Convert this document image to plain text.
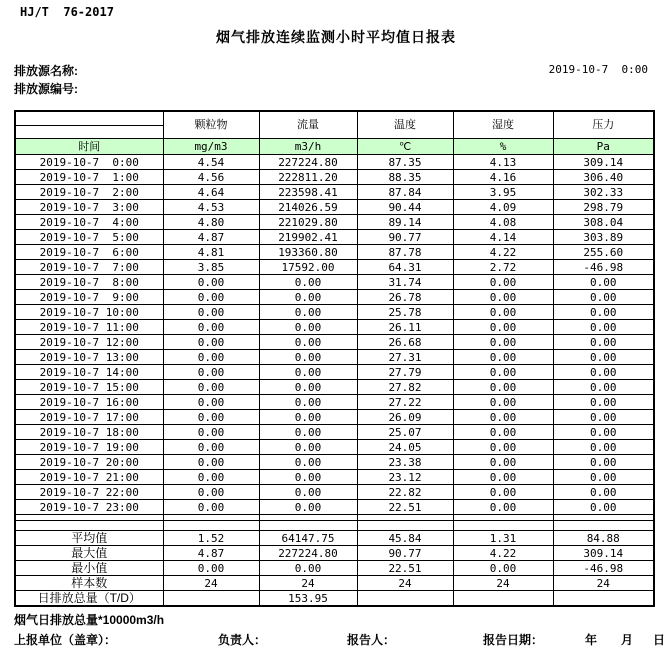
HJ/T  76-2017
烟气排放连续监测小时平均值日报表
排放源名称:
排放源编号:
2019-10-7  0:00
	颗粒物	流量	温度	湿度	压力

时间	mg/m3	m3/h	℃	%	Pa
2019-10-7  0:00	4.54	227224.80	87.35	4.13	309.14
2019-10-7  1:00	4.56	222811.20	88.35	4.16	306.40
2019-10-7  2:00	4.64	223598.41	87.84	3.95	302.33
2019-10-7  3:00	4.53	214026.59	90.44	4.09	298.79
2019-10-7  4:00	4.80	221029.80	89.14	4.08	308.04
2019-10-7  5:00	4.87	219902.41	90.77	4.14	303.89
2019-10-7  6:00	4.81	193360.80	87.78	4.22	255.60
2019-10-7  7:00	3.85	17592.00	64.31	2.72	-46.98
2019-10-7  8:00	0.00	0.00	31.74	0.00	0.00
2019-10-7  9:00	0.00	0.00	26.78	0.00	0.00
2019-10-7 10:00	0.00	0.00	25.78	0.00	0.00
2019-10-7 11:00	0.00	0.00	26.11	0.00	0.00
2019-10-7 12:00	0.00	0.00	26.68	0.00	0.00
2019-10-7 13:00	0.00	0.00	27.31	0.00	0.00
2019-10-7 14:00	0.00	0.00	27.79	0.00	0.00
2019-10-7 15:00	0.00	0.00	27.82	0.00	0.00
2019-10-7 16:00	0.00	0.00	27.22	0.00	0.00
2019-10-7 17:00	0.00	0.00	26.09	0.00	0.00
2019-10-7 18:00	0.00	0.00	25.07	0.00	0.00
2019-10-7 19:00	0.00	0.00	24.05	0.00	0.00
2019-10-7 20:00	0.00	0.00	23.38	0.00	0.00
2019-10-7 21:00	0.00	0.00	23.12	0.00	0.00
2019-10-7 22:00	0.00	0.00	22.82	0.00	0.00
2019-10-7 23:00	0.00	0.00	22.51	0.00	0.00

平均值	1.52	64147.75	45.84	1.31	84.88
最大值	4.87	227224.80	90.77	4.22	309.14
最小值	0.00	0.00	22.51	0.00	-46.98
样本数	24	24	24	24	24
日排放总量（T/D）		153.95			
烟气日排放总量*10000m3/h
上报单位（盖章）：	负责人：	报告人：	报告日期：	年 月 日
